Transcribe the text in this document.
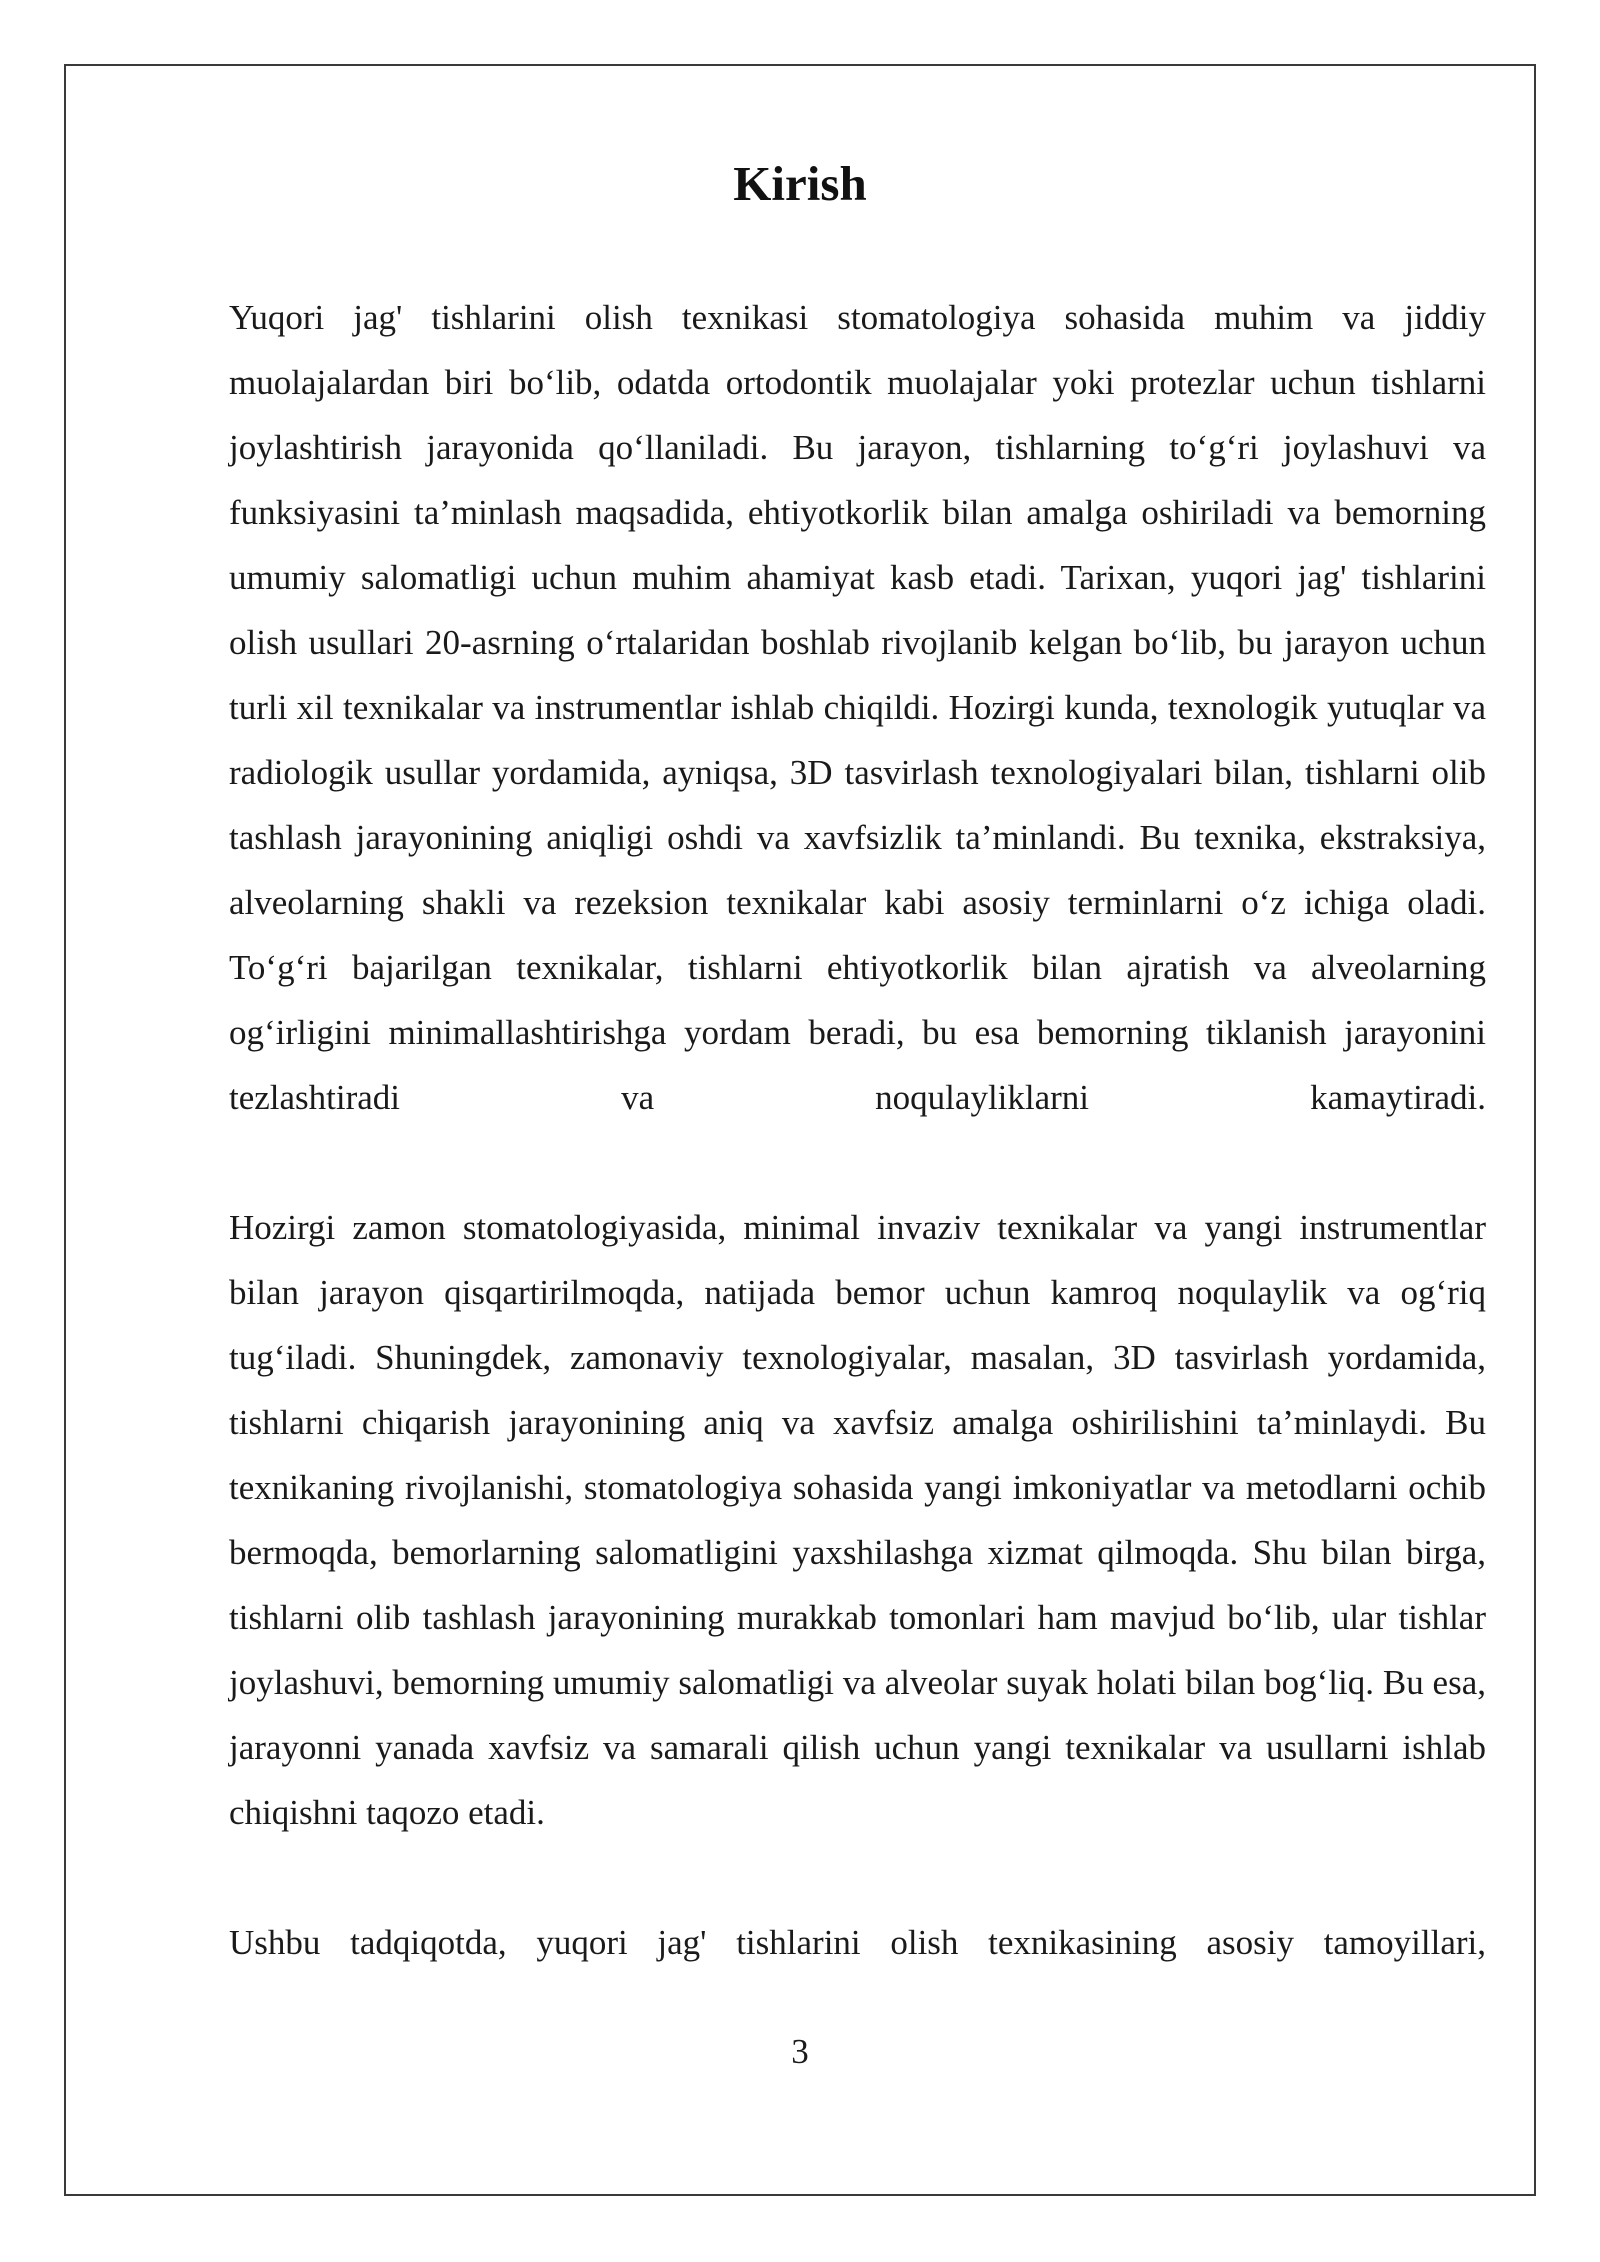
Kirish

Yuqori jag' tishlarini olish texnikasi stomatologiya sohasida muhim va jiddiy muolajalardan biri bo‘lib, odatda ortodontik muolajalar yoki protezlar uchun tishlarni joylashtirish jarayonida qo‘llaniladi. Bu jarayon, tishlarning to‘g‘ri joylashuvi va funksiyasini ta’minlash maqsadida, ehtiyotkorlik bilan amalga oshiriladi va bemorning umumiy salomatligi uchun muhim ahamiyat kasb etadi. Tarixan, yuqori jag' tishlarini olish usullari 20-asrning o‘rtalaridan boshlab rivojlanib kelgan bo‘lib, bu jarayon uchun turli xil texnikalar va instrumentlar ishlab chiqildi. Hozirgi kunda, texnologik yutuqlar va radiologik usullar yordamida, ayniqsa, 3D tasvirlash texnologiyalari bilan, tishlarni olib tashlash jarayonining aniqligi oshdi va xavfsizlik ta’minlandi. Bu texnika, ekstraksiya, alveolarning shakli va rezeksion texnikalar kabi asosiy terminlarni o‘z ichiga oladi. To‘g‘ri bajarilgan texnikalar, tishlarni ehtiyotkorlik bilan ajratish va alveolarning og‘irligini minimallashtirishga yordam beradi, bu esa bemorning tiklanish jarayonini tezlashtiradi va noqulayliklarni kamaytiradi.

Hozirgi zamon stomatologiyasida, minimal invaziv texnikalar va yangi instrumentlar bilan jarayon qisqartirilmoqda, natijada bemor uchun kamroq noqulaylik va og‘riq tug‘iladi. Shuningdek, zamonaviy texnologiyalar, masalan, 3D tasvirlash yordamida, tishlarni chiqarish jarayonining aniq va xavfsiz amalga oshirilishini ta’minlaydi. Bu texnikaning rivojlanishi, stomatologiya sohasida yangi imkoniyatlar va metodlarni ochib bermoqda, bemorlarning salomatligini yaxshilashga xizmat qilmoqda. Shu bilan birga, tishlarni olib tashlash jarayonining murakkab tomonlari ham mavjud bo‘lib, ular tishlar joylashuvi, bemorning umumiy salomatligi va alveolar suyak holati bilan bog‘liq. Bu esa, jarayonni yanada xavfsiz va samarali qilish uchun yangi texnikalar va usullarni ishlab chiqishni taqozo etadi.

Ushbu tadqiqotda, yuqori jag' tishlarini olish texnikasining asosiy tamoyillari,

3
